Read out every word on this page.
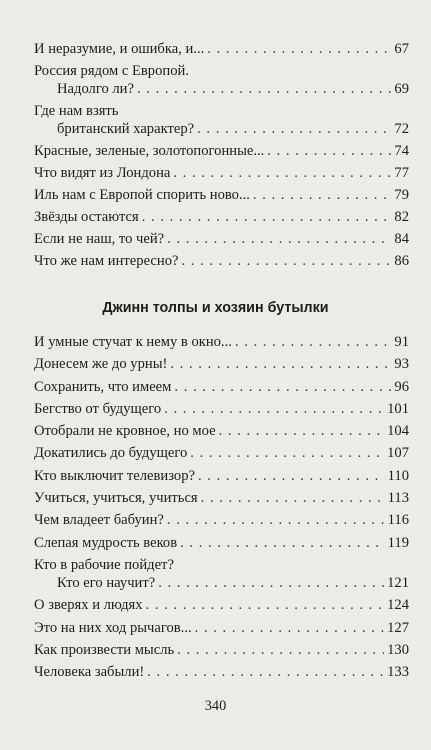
И неразумие, и ошибка, и... . . .	67
Россия рядом с Европой.
Надолго ли? . . .	69
Где нам взять
британский характер? . . .	72
Красные, зеленые, золотопогонные... . . .	74
Что видят из Лондона . . .	77
Иль нам с Европой спорить ново... . . .	79
Звёзды остаются . . .	82
Если не наш, то чей? . . .	84
Что же нам интересно? . . .	86
Джинн толпы и хозяин бутылки
И умные стучат к нему в окно... . . .	91
Донесем же до урны! . . .	93
Сохранить, что имеем . . .	96
Бегство от будущего . . .	101
Отобрали не кровное, но мое . . .	104
Докатились до будущего . . .	107
Кто выключит телевизор? . . .	110
Учиться, учиться, учиться . . .	113
Чем владеет бабуин? . . .	116
Слепая мудрость веков . . .	119
Кто в рабочие пойдет?
Кто его научит? . . .	121
О зверях и людях . . .	124
Это на них ход рычагов... . . .	127
Как произвести мысль . . .	130
Человека забыли! . . .	133
340
